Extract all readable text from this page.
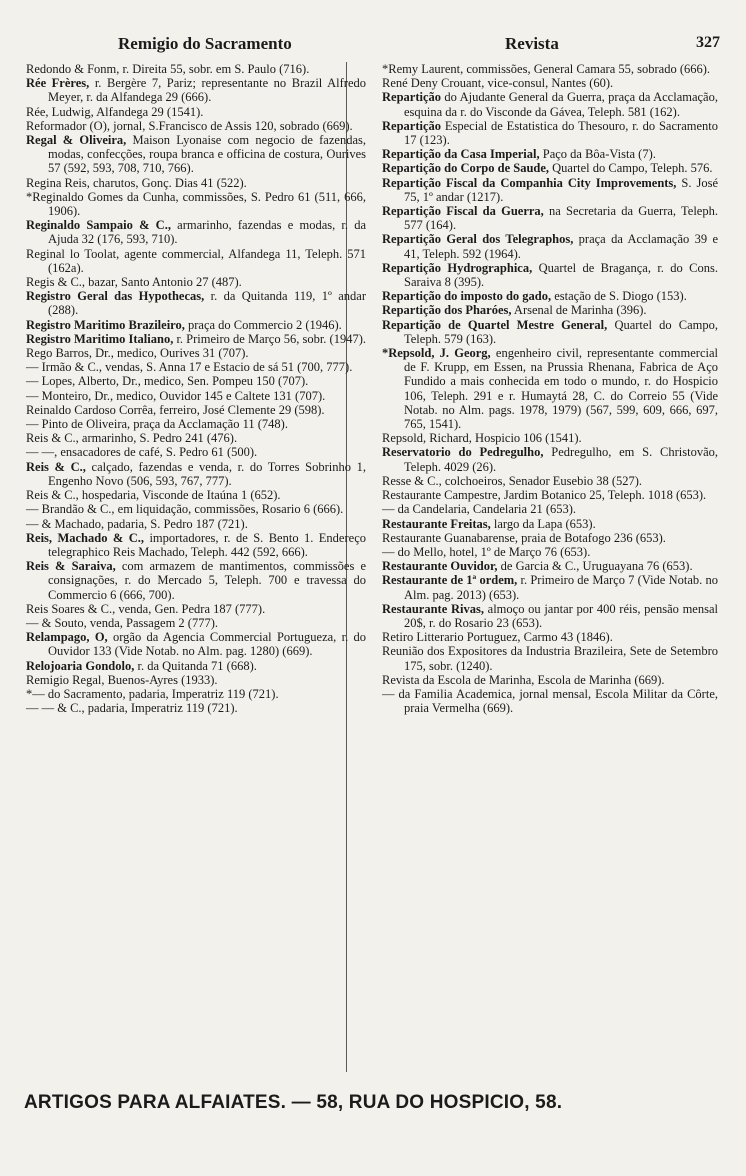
Remigio do Sacramento	Revista	327

Redondo & Fonm, r. Direita 55, sobr. em S. Paulo (716).

Rée Frères, r. Bergère 7, Pariz; representante no Brazil Alfredo Meyer, r. da Alfandega 29 (666).

Rée, Ludwig, Alfandega 29 (1541).

Reformador (O), jornal, S.Francisco de Assis 120, sobrado (669).

Regal & Oliveira, Maison Lyonaise com negocio de fazendas, modas, confecções, roupa branca e officina de costura, Ourives 57 (592, 593, 708, 710, 766).

Regina Reis, charutos, Gonç. Dias 41 (522).

*Reginaldo Gomes da Cunha, commissões, S. Pedro 61 (511, 666, 1906).

Reginaldo Sampaio & C., armarinho, fazendas e modas, r. da Ajuda 32 (176, 593, 710).

Reginal lo Toolat, agente commercial, Alfandega 11, Teleph. 571 (162a).

Regis & C., bazar, Santo Antonio 27 (487).

Registro Geral das Hypothecas, r. da Quitanda 119, 1º andar (288).

Registro Maritimo Brazileiro, praça do Commercio 2 (1946).

Registro Maritimo Italiano, r. Primeiro de Março 56, sobr. (1947).

Rego Barros, Dr., medico, Ourives 31 (707).

— Irmão & C., vendas, S. Anna 17 e Estacio de sá 51 (700, 777).

— Lopes, Alberto, Dr., medico, Sen. Pompeu 150 (707).

— Monteiro, Dr., medico, Ouvidor 145 e Caltete 131 (707).

Reinaldo Cardoso Corrêa, ferreiro, José Clemente 29 (598).

— Pinto de Oliveira, praça da Acclamação 11 (748).

Reis & C., armarinho, S. Pedro 241 (476).

— —, ensacadores de café, S. Pedro 61 (500).

Reis & C., calçado, fazendas e venda, r. do Torres Sobrinho 1, Engenho Novo (506, 593, 767, 777).

Reis & C., hospedaria, Visconde de Itaúna 1 (652).

— Brandão & C., em liquidação, commissões, Rosario 6 (666).

— & Machado, padaria, S. Pedro 187 (721).

Reis, Machado & C., importadores, r. de S. Bento 1. Endereço telegraphico Reis Machado, Teleph. 442 (592, 666).

Reis & Saraiva, com armazem de mantimentos, commissões e consignações, r. do Mercado 5, Teleph. 700 e travessa do Commercio 6 (666, 700).

Reis Soares & C., venda, Gen. Pedra 187 (777).

— & Souto, venda, Passagem 2 (777).

Relampago, O, orgão da Agencia Commercial Portugueza, r. do Ouvidor 133 (Vide Notab. no Alm. pag. 1280) (669).

Relojoaria Gondolo, r. da Quitanda 71 (668).

Remigio Regal, Buenos-Ayres (1933).

*— do Sacramento, padaria, Imperatriz 119 (721).

— — & C., padaria, Imperatriz 119 (721).

*Remy Laurent, commissões, General Camara 55, sobrado (666).

René Deny Crouant, vice-consul, Nantes (60).

Repartição do Ajudante General da Guerra, praça da Acclamação, esquina da r. do Visconde da Gávea, Teleph. 581 (162).

Repartição Especial de Estatistica do Thesouro, r. do Sacramento 17 (123).

Repartição da Casa Imperial, Paço da Bôa-Vista (7).

Repartição do Corpo de Saude, Quartel do Campo, Teleph. 576.

Repartição Fiscal da Companhia City Improvements, S. José 75, 1º andar (1217).

Repartição Fiscal da Guerra, na Secretaria da Guerra, Teleph. 577 (164).

Repartição Geral dos Telegraphos, praça da Acclamação 39 e 41, Teleph. 592 (1964).

Repartição Hydrographica, Quartel de Bragança, r. do Cons. Saraiva 8 (395).

Repartição do imposto do gado, estação de S. Diogo (153).

Repartição dos Pharóes, Arsenal de Marinha (396).

Repartição de Quartel Mestre General, Quartel do Campo, Teleph. 579 (163).

*Repsold, J. Georg, engenheiro civil, representante commercial de F. Krupp, em Essen, na Prussia Rhenana, Fabrica de Aço Fundido a mais conhecida em todo o mundo, r. do Hospicio 106, Teleph. 291 e r. Humaytá 28, C. do Correio 55 (Vide Notab. no Alm. pags. 1978, 1979) (567, 599, 609, 666, 697, 765, 1541).

Repsold, Richard, Hospicio 106 (1541).

Reservatorio do Pedregulho, Pedregulho, em S. Christovão, Teleph. 4029 (26).

Resse & C., colchoeiros, Senador Eusebio 38 (527).

Restaurante Campestre, Jardim Botanico 25, Teleph. 1018 (653).

— da Candelaria, Candelaria 21 (653).

Restaurante Freitas, largo da Lapa (653).

Restaurante Guanabarense, praia de Botafogo 236 (653).

— do Mello, hotel, 1º de Março 76 (653).

Restaurante Ouvidor, de Garcia & C., Uruguayana 76 (653).

Restaurante de 1ª ordem, r. Primeiro de Março 7 (Vide Notab. no Alm. pag. 2013) (653).

Restaurante Rivas, almoço ou jantar por 400 réis, pensão mensal 20$, r. do Rosario 23 (653).

Retiro Litterario Portuguez, Carmo 43 (1846).

Reunião dos Expositores da Industria Brazileira, Sete de Setembro 175, sobr. (1240).

Revista da Escola de Marinha, Escola de Marinha (669).

— da Familia Academica, jornal mensal, Escola Militar da Côrte, praia Vermelha (669).

ARTIGOS PARA ALFAIATES. — 58, RUA DO HOSPICIO, 58.
